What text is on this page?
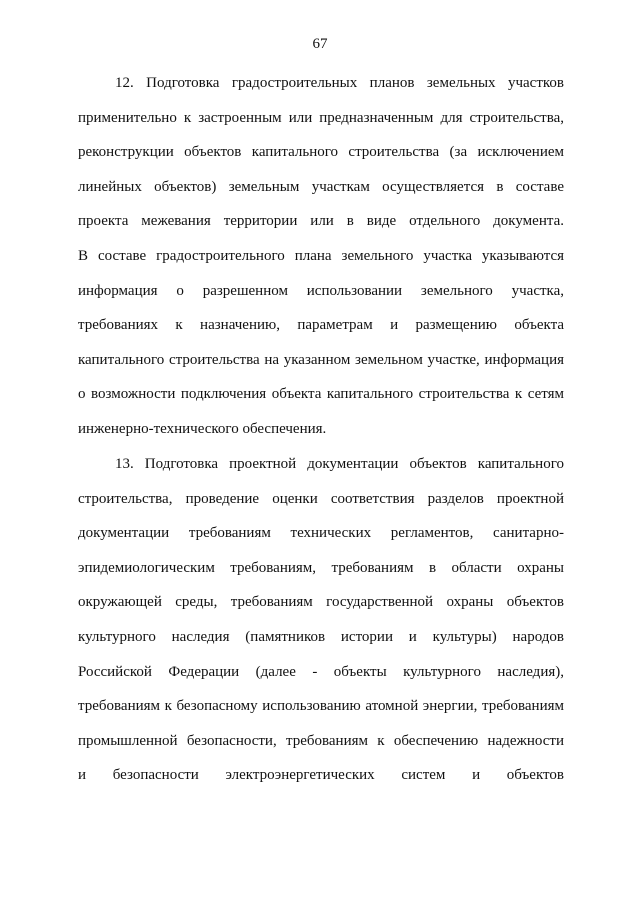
67
12. Подготовка градостроительных планов земельных участков
применительно к застроенным или предназначенным для строительства,
реконструкции объектов капитального строительства (за исключением
линейных объектов) земельным участкам осуществляется в составе
проекта межевания территории или в виде отдельного документа.
В составе градостроительного плана земельного участка указываются
информация о разрешенном использовании земельного участка,
требованиях к назначению, параметрам и размещению объекта
капитального строительства на указанном земельном участке, информация
о возможности подключения объекта капитального строительства к сетям
инженерно-технического обеспечения.
13. Подготовка проектной документации объектов капитального
строительства, проведение оценки соответствия разделов проектной
документации требованиям технических регламентов, санитарно-
эпидемиологическим требованиям, требованиям в области охраны
окружающей среды, требованиям государственной охраны объектов
культурного наследия (памятников истории и культуры) народов
Российской Федерации (далее - объекты культурного наследия),
требованиям к безопасному использованию атомной энергии, требованиям
промышленной безопасности, требованиям к обеспечению надежности
и безопасности электроэнергетических систем и объектов
